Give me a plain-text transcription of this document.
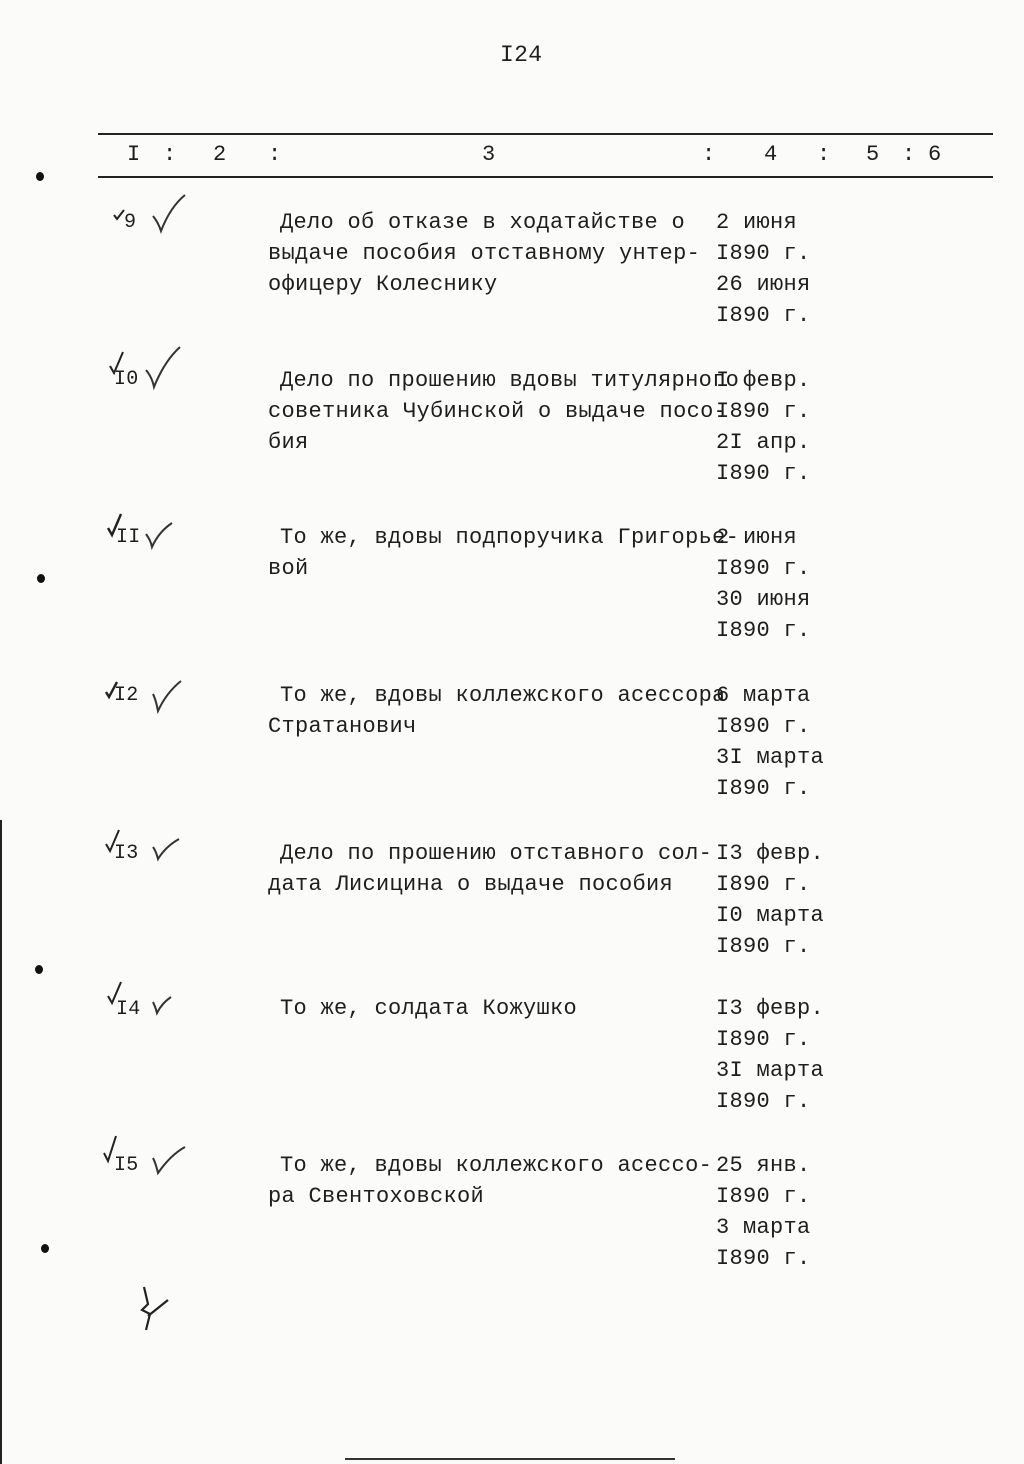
I24
I : 2 :	3	: 4 : 5 : 6
9	Дело об отказе в ходатайстве о
выдаче пособия отставному унтер-
офицеру Колеснику
2 июня
I890 г.
26 июня
I890 г.
I0	Дело по прошению вдовы титулярного
советника Чубинской о выдаче посо-
бия
I февр.
I890 г.
2I апр.
I890 г.
II	То же, вдовы подпоручика Григорье-
вой
2 июня
I890 г.
30 июня
I890 г.
I2	То же, вдовы коллежского асессора
Стратанович
6 марта
I890 г.
3I марта
I890 г.
I3	Дело по прошению отставного сол-
дата Лисицина о выдаче пособия
I3 февр.
I890 г.
I0 марта
I890 г.
I4	То же, солдата Кожушко	I3 февр.
I890 г.
3I марта
I890 г.
I5	То же, вдовы коллежского асессо-
ра Свентоховской
25 янв.
I890 г.
3 марта
I890 г.
